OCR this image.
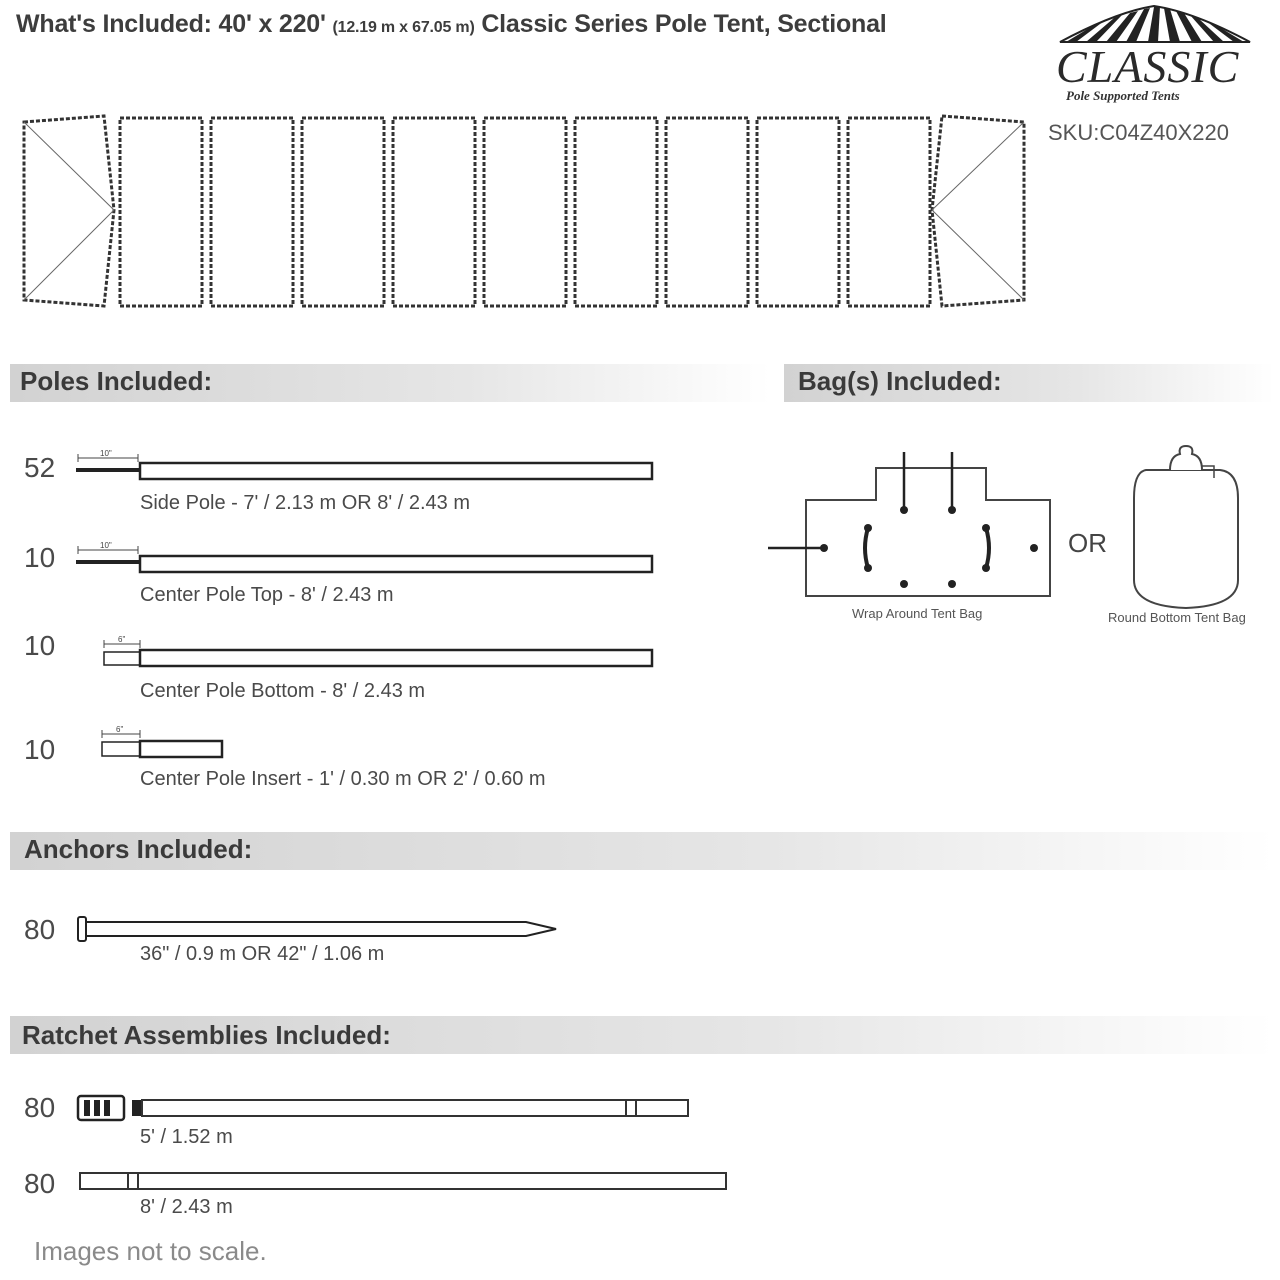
What's Included: 40' x 220' (12.19 m x 67.05 m) Classic Series Pole Tent, Sectional
CLASSIC
Pole Supported Tents
SKU:C04Z40X220
Poles Included:	Bag(s) Included:
52	10"
Side Pole - 7' / 2.13 m OR 8' / 2.43 m
10	10"
Center Pole Top - 8' / 2.43 m
10	6"
Center Pole Bottom - 8' / 2.43 m
10
6"
Center Pole Insert - 1' / 0.30 m OR 2' / 0.60 m
Wrap Around Tent Bag
OR
Round Bottom Tent Bag
Anchors Included:
80
36" / 0.9 m OR 42" / 1.06 m
Ratchet Assemblies Included:
80
5' / 1.52 m
80
8' / 2.43 m
Images not to scale.
